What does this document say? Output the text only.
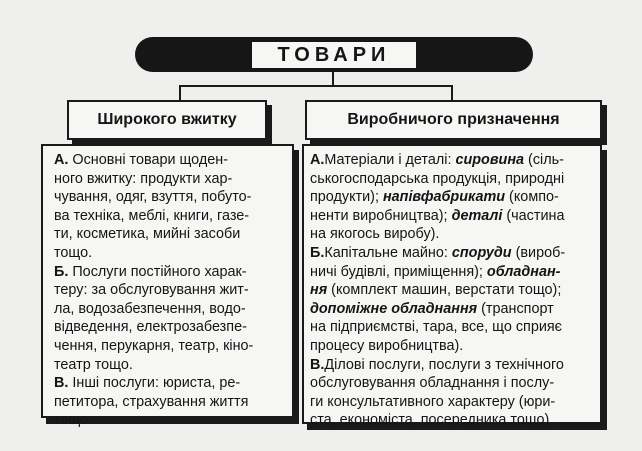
ТОВАРИ
Широкого вжитку	Виробничого призначення
А. Основні товари щоден-
ного вжитку: продукти хар-
чування, одяг, взуття, побуто-
ва техніка, меблі, книги, газе-
ти, косметика, мийні засоби
тощо.
Б. Послуги постійного харак-
теру: за обслуговування жит-
ла, водозабезпечення, водо-
відведення, електрозабезпе-
чення, перукарня, театр, кіно-
театр тощо.
В. Інші послуги: юриста, ре-
петитора, страхування життя
тощо
А.Матеріали і деталі: сировина (сіль-
ськогосподарська продукція, природні
продукти); напівфабрикати (компо-
ненти виробництва); деталі (частина
на якогось виробу).
Б.Капітальне майно: споруди (вироб-
ничі будівлі, приміщення); обладнан-
ня (комплект машин, верстати тощо);
допоміжне обладнання (транспорт
на підприємстві, тара, все, що сприяє
процесу виробництва).
В.Ділові послуги, послуги з технічного
обслуговування обладнання і послу-
ги консультативного характеру (юри-
ста, економіста, посередника тощо)
